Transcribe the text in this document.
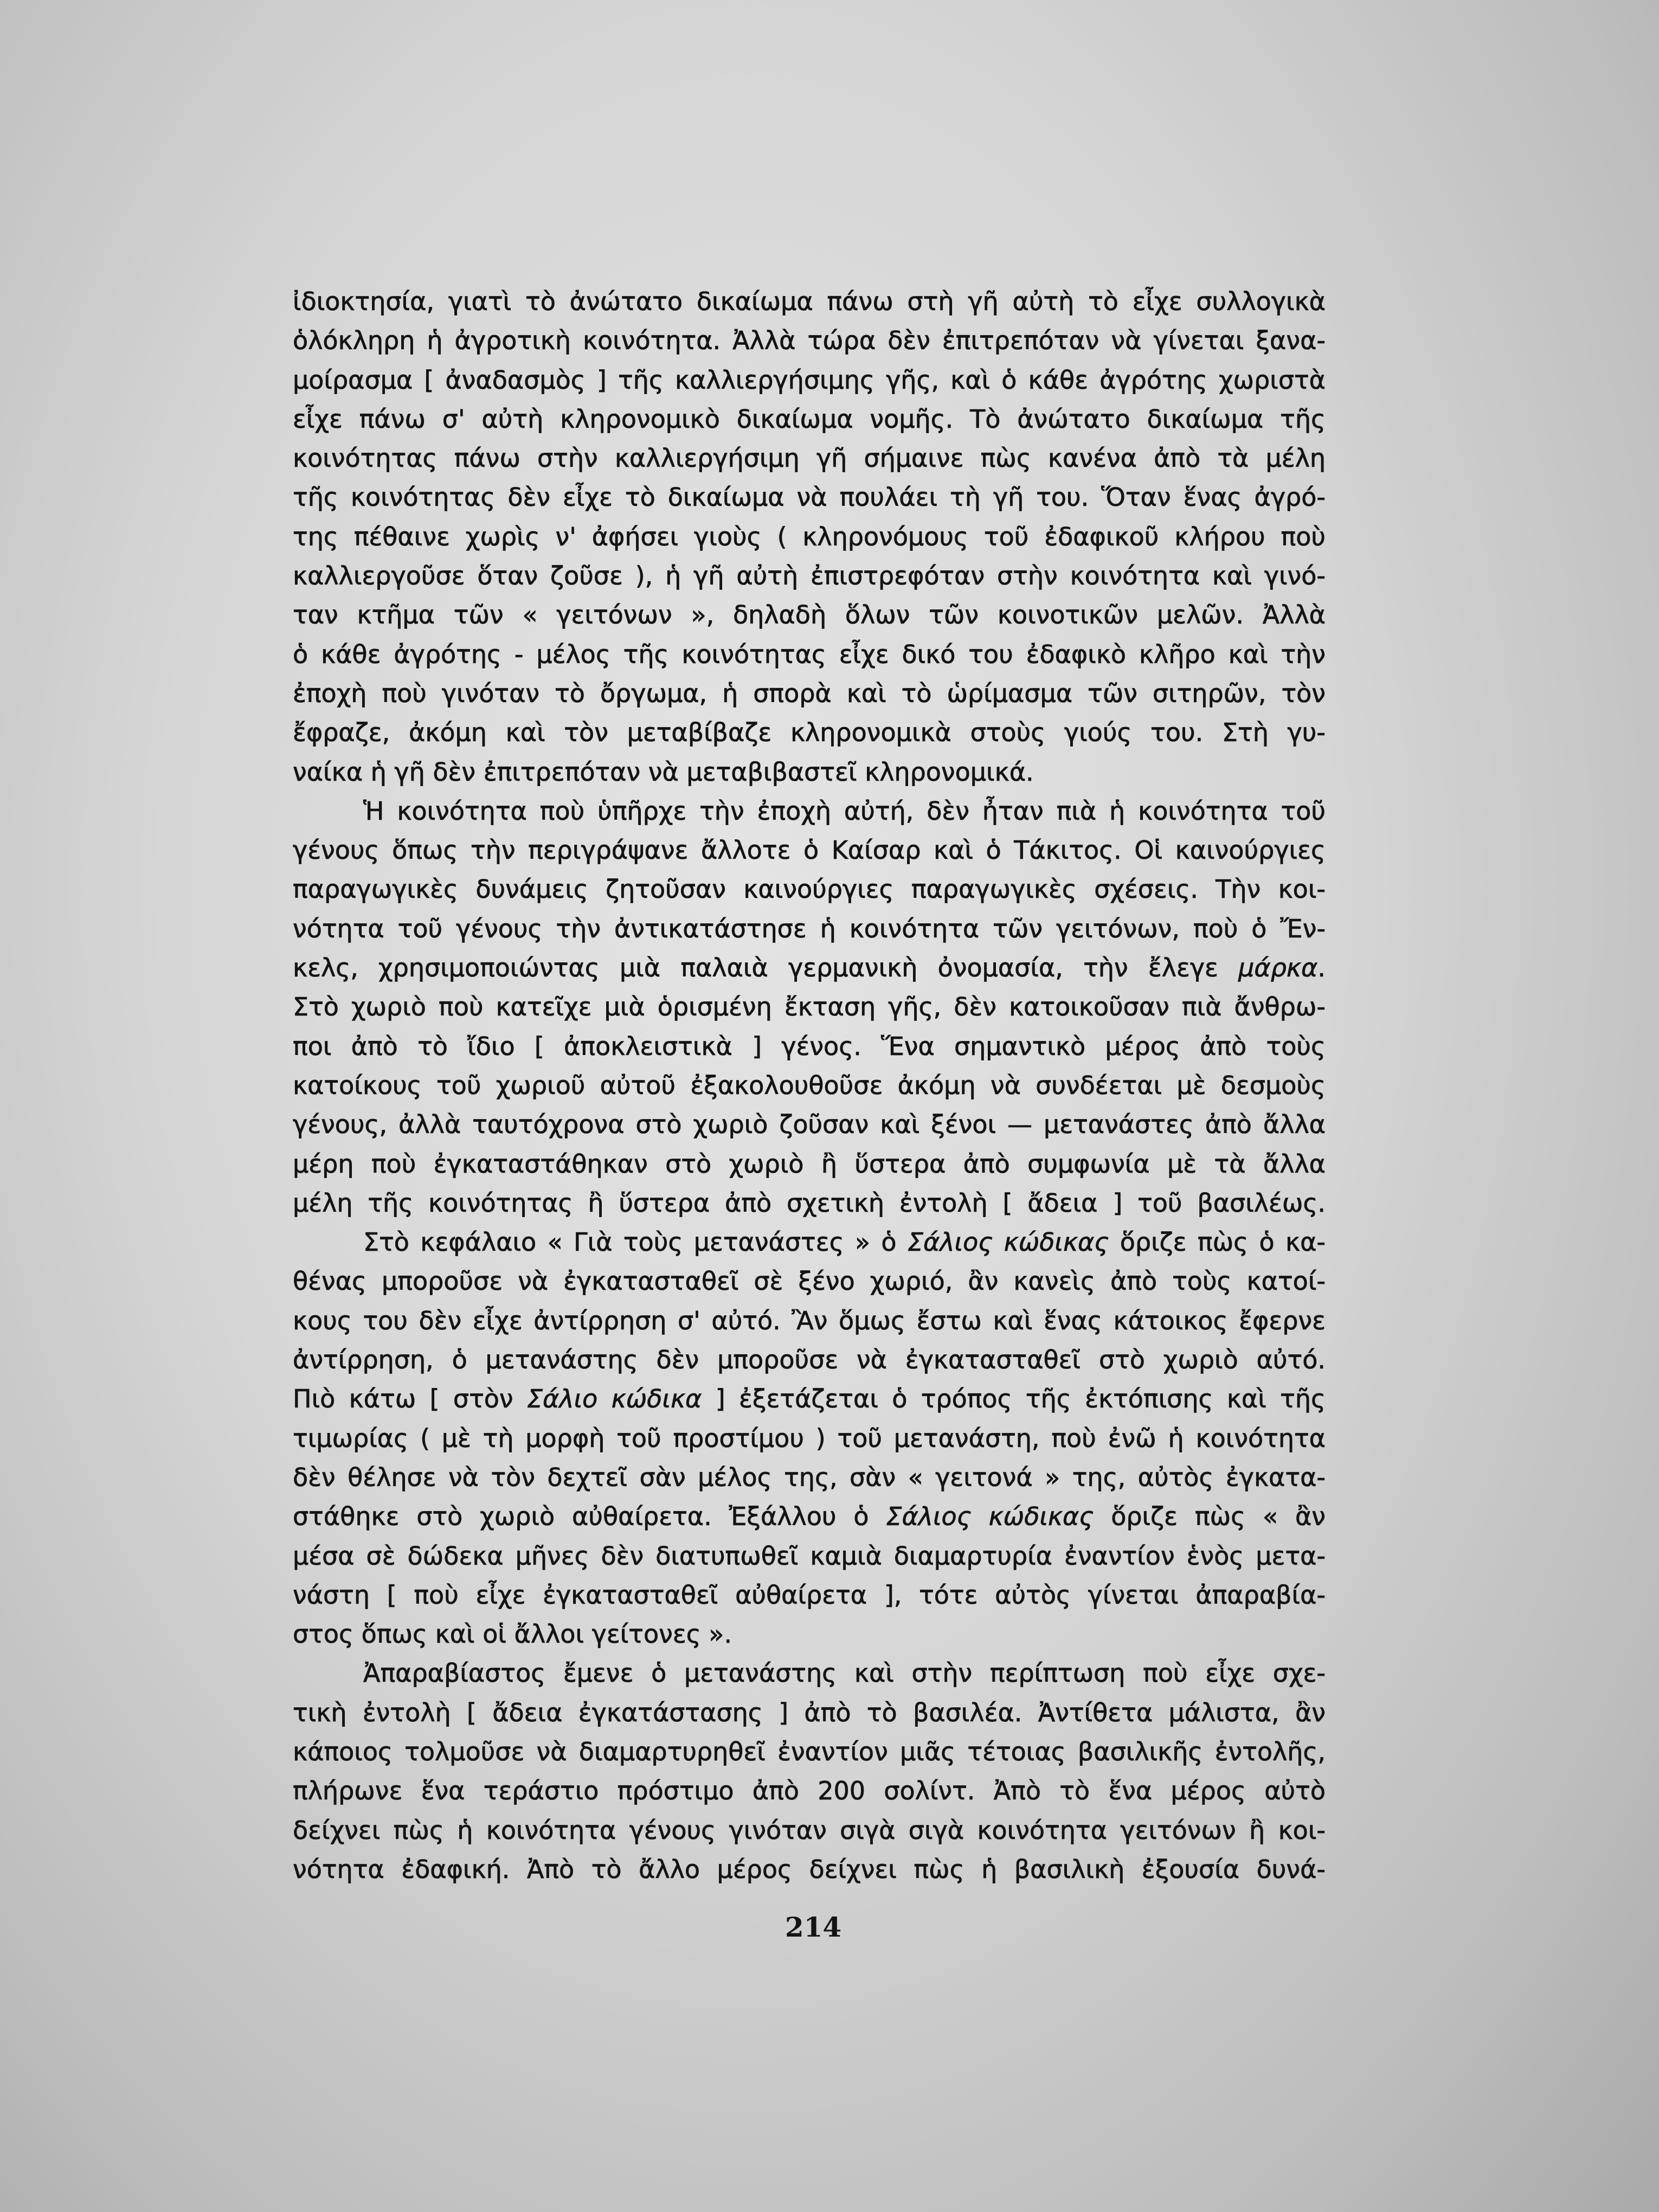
ἰδιοκτησία, γιατὶ τὸ ἀνώτατο δικαίωμα πάνω στὴ γῆ αὐτὴ τὸ εἶχε συλλογικὰ
ὁλόκληρη ἡ ἀγροτικὴ κοινότητα. Ἀλλὰ τώρα δὲν ἐπιτρεπόταν νὰ γίνεται ξανα-
μοίρασμα [ ἀναδασμὸς ] τῆς καλλιεργήσιμης γῆς, καὶ ὁ κάθε ἀγρότης χωριστὰ
εἶχε πάνω σ' αὐτὴ κληρονομικὸ δικαίωμα νομῆς. Τὸ ἀνώτατο δικαίωμα τῆς
κοινότητας πάνω στὴν καλλιεργήσιμη γῆ σήμαινε πὼς κανένα ἀπὸ τὰ μέλη
τῆς κοινότητας δὲν εἶχε τὸ δικαίωμα νὰ πουλάει τὴ γῆ του. Ὅταν ἕνας ἀγρό-
της πέθαινε χωρὶς ν' ἀφήσει γιοὺς ( κληρονόμους τοῦ ἐδαφικοῦ κλήρου ποὺ
καλλιεργοῦσε ὅταν ζοῦσε ), ἡ γῆ αὐτὴ ἐπιστρεφόταν στὴν κοινότητα καὶ γινό-
ταν κτῆμα τῶν « γειτόνων », δηλαδὴ ὅλων τῶν κοινοτικῶν μελῶν. Ἀλλὰ
ὁ κάθε ἀγρότης - μέλος τῆς κοινότητας εἶχε δικό του ἐδαφικὸ κλῆρο καὶ τὴν
ἐποχὴ ποὺ γινόταν τὸ ὄργωμα, ἡ σπορὰ καὶ τὸ ὡρίμασμα τῶν σιτηρῶν, τὸν
ἔφραζε, ἀκόμη καὶ τὸν μεταβίβαζε κληρονομικὰ στοὺς γιούς του. Στὴ γυ-
ναίκα ἡ γῆ δὲν ἐπιτρεπόταν νὰ μεταβιβαστεῖ κληρονομικά.
Ἡ κοινότητα ποὺ ὑπῆρχε τὴν ἐποχὴ αὐτή, δὲν ἦταν πιὰ ἡ κοινότητα τοῦ
γένους ὅπως τὴν περιγράψανε ἄλλοτε ὁ Καίσαρ καὶ ὁ Τάκιτος. Οἱ καινούργιες
παραγωγικὲς δυνάμεις ζητοῦσαν καινούργιες παραγωγικὲς σχέσεις. Τὴν κοι-
νότητα τοῦ γένους τὴν ἀντικατάστησε ἡ κοινότητα τῶν γειτόνων, ποὺ ὁ Ἔν-
κελς, χρησιμοποιώντας μιὰ παλαιὰ γερμανικὴ ὀνομασία, τὴν ἔλεγε μάρκα.
Στὸ χωριὸ ποὺ κατεῖχε μιὰ ὁρισμένη ἔκταση γῆς, δὲν κατοικοῦσαν πιὰ ἄνθρω-
ποι ἀπὸ τὸ ἴδιο [ ἀποκλειστικὰ ] γένος. Ἕνα σημαντικὸ μέρος ἀπὸ τοὺς
κατοίκους τοῦ χωριοῦ αὐτοῦ ἐξακολουθοῦσε ἀκόμη νὰ συνδέεται μὲ δεσμοὺς
γένους, ἀλλὰ ταυτόχρονα στὸ χωριὸ ζοῦσαν καὶ ξένοι — μετανάστες ἀπὸ ἄλλα
μέρη ποὺ ἐγκαταστάθηκαν στὸ χωριὸ ἢ ὕστερα ἀπὸ συμφωνία μὲ τὰ ἄλλα
μέλη τῆς κοινότητας ἢ ὕστερα ἀπὸ σχετικὴ ἐντολὴ [ ἄδεια ] τοῦ βασιλέως.
Στὸ κεφάλαιο « Γιὰ τοὺς μετανάστες » ὁ Σάλιος κώδικας ὅριζε πὼς ὁ κα-
θένας μποροῦσε νὰ ἐγκατασταθεῖ σὲ ξένο χωριό, ἂν κανεὶς ἀπὸ τοὺς κατοί-
κους του δὲν εἶχε ἀντίρρηση σ' αὐτό. Ἂν ὅμως ἔστω καὶ ἕνας κάτοικος ἔφερνε
ἀντίρρηση, ὁ μετανάστης δὲν μποροῦσε νὰ ἐγκατασταθεῖ στὸ χωριὸ αὐτό.
Πιὸ κάτω [ στὸν Σάλιο κώδικα ] ἐξετάζεται ὁ τρόπος τῆς ἐκτόπισης καὶ τῆς
τιμωρίας ( μὲ τὴ μορφὴ τοῦ προστίμου ) τοῦ μετανάστη, ποὺ ἐνῶ ἡ κοινότητα
δὲν θέλησε νὰ τὸν δεχτεῖ σὰν μέλος της, σὰν « γειτονά » της, αὐτὸς ἐγκατα-
στάθηκε στὸ χωριὸ αὐθαίρετα. Ἐξάλλου ὁ Σάλιος κώδικας ὅριζε πὼς « ἂν
μέσα σὲ δώδεκα μῆνες δὲν διατυπωθεῖ καμιὰ διαμαρτυρία ἐναντίον ἑνὸς μετα-
νάστη [ ποὺ εἶχε ἐγκατασταθεῖ αὐθαίρετα ], τότε αὐτὸς γίνεται ἀπαραβία-
στος ὅπως καὶ οἱ ἄλλοι γείτονες ».
Ἀπαραβίαστος ἔμενε ὁ μετανάστης καὶ στὴν περίπτωση ποὺ εἶχε σχε-
τικὴ ἐντολὴ [ ἄδεια ἐγκατάστασης ] ἀπὸ τὸ βασιλέα. Ἀντίθετα μάλιστα, ἂν
κάποιος τολμοῦσε νὰ διαμαρτυρηθεῖ ἐναντίον μιᾶς τέτοιας βασιλικῆς ἐντολῆς,
πλήρωνε ἕνα τεράστιο πρόστιμο ἀπὸ 200 σολίντ. Ἀπὸ τὸ ἕνα μέρος αὐτὸ
δείχνει πὼς ἡ κοινότητα γένους γινόταν σιγὰ σιγὰ κοινότητα γειτόνων ἢ κοι-
νότητα ἐδαφική. Ἀπὸ τὸ ἄλλο μέρος δείχνει πὼς ἡ βασιλικὴ ἐξουσία δυνά-
214
